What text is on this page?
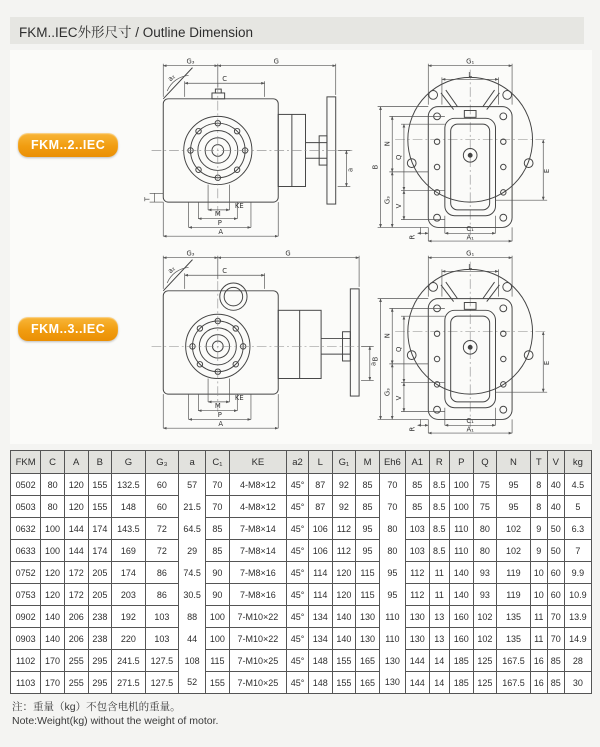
FKM..IEC外形尺寸 / Outline Dimension
FKM..2..IEC
FKM..3..IEC
G₃	G
C
a₂
a
T
KE
M
P
A
G₁
L
B
N
G₃
Q
V
E
R
C₁
A₁
G₃	G
C
a₂
a
KE
M
P
A
G₁
L
B
N
G₃
Q
V
E
R
C₁
A₁
FKM	C	A	B	G	G₃	a	C₁	KE	a2	L	G₁	M	Eh6	A1	R	P	Q	N	T	V	kg
0502	80	120	155	132.5	60	57	70	4-M8×12	45°	87	92	85	70	85	8.5	100	75	95	8	40	4.5
0503	80	120	155	148	60	21.5	70	4-M8×12	45°	87	92	85	70	85	8.5	100	75	95	8	40	5
0632	100	144	174	143.5	72	64.5	85	7-M8×14	45°	106	112	95	80	103	8.5	110	80	102	9	50	6.3
0633	100	144	174	169	72	29	85	7-M8×14	45°	106	112	95	80	103	8.5	110	80	102	9	50	7
0752	120	172	205	174	86	74.5	90	7-M8×16	45°	114	120	115	95	112	11	140	93	119	10	60	9.9
0753	120	172	205	203	86	30.5	90	7-M8×16	45°	114	120	115	95	112	11	140	93	119	10	60	10.9
0902	140	206	238	192	103	88	100	7-M10×22	45°	134	140	130	110	130	13	160	102	135	11	70	13.9
0903	140	206	238	220	103	44	100	7-M10×22	45°	134	140	130	110	130	13	160	102	135	11	70	14.9
1102	170	255	295	241.5	127.5	108	115	7-M10×25	45°	148	155	165	130	144	14	185	125	167.5	16	85	28
1103	170	255	295	271.5	127.5	52	155	7-M10×25	45°	148	155	165	130	144	14	185	125	167.5	16	85	30
注：重量（kg）不包含电机的重量。
Note:Weight(kg) without the weight of motor.
